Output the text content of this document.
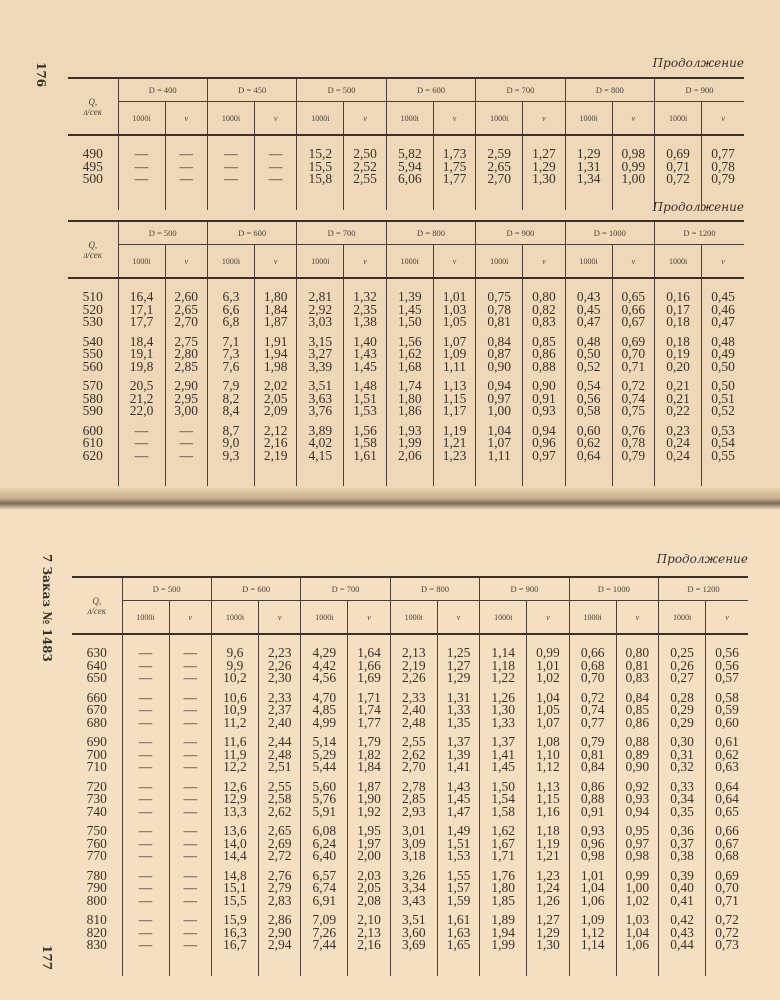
176	Продолжение
Q,
л/сек	D = 400		D = 450		D = 500		D = 600		D = 700		D = 800		D = 900	
	1000i	v	1000i	v	1000i	v	1000i	v	1000i	v	1000i	v	1000i	v
490	—	—	—	—	15,2	2,50	5,82	1,73	2,59	1,27	1,29	0,98	0,69	0,77
495	—	—	—	—	15,5	2,52	5,94	1,75	2,65	1,29	1,31	0,99	0,71	0,78
500	—	—	—	—	15,8	2,55	6,06	1,77	2,70	1,30	1,34	1,00	0,72	0,79

Продолжение
Q,
л/сек	D = 500		D = 600		D = 700		D = 800		D = 900		D = 1000		D = 1200	
	1000i	v	1000i	v	1000i	v	1000i	v	1000i	v	1000i	v	1000i	v
510	16,4	2,60	6,3	1,80	2,81	1,32	1,39	1,01	0,75	0,80	0,43	0,65	0,16	0,45
520	17,1	2,65	6,6	1,84	2,92	2,35	1,45	1,03	0,78	0,82	0,45	0,66	0,17	0,46
530	17,7	2,70	6,8	1,87	3,03	1,38	1,50	1,05	0,81	0,83	0,47	0,67	0,18	0,47

540	18,4	2,75	7,1	1,91	3,15	1,40	1,56	1,07	0,84	0,85	0,48	0,69	0,18	0,48
550	19,1	2,80	7,3	1,94	3,27	1,43	1,62	1,09	0,87	0,86	0,50	0,70	0,19	0,49
560	19,8	2,85	7,6	1,98	3,39	1,45	1,68	1,11	0,90	0,88	0,52	0,71	0,20	0,50

570	20,5	2,90	7,9	2,02	3,51	1,48	1,74	1,13	0,94	0,90	0,54	0,72	0,21	0,50
580	21,2	2,95	8,2	2,05	3,63	1,51	1,80	1,15	0,97	0,91	0,56	0,74	0,21	0,51
590	22,0	3,00	8,4	2,09	3,76	1,53	1,86	1,17	1,00	0,93	0,58	0,75	0,22	0,52

600	—	—	8,7	2,12	3,89	1,56	1,93	1,19	1,04	0,94	0,60	0,76	0,23	0,53
610	—	—	9,0	2,16	4,02	1,58	1,99	1,21	1,07	0,96	0,62	0,78	0,24	0,54
620	—	—	9,3	2,19	4,15	1,61	2,06	1,23	1,11	0,97	0,64	0,79	0,24	0,55

7 Заказ № 1483
177
Продолжение
Q,
л/сек	D = 500		D = 600		D = 700		D = 800		D = 900		D = 1000		D = 1200	
	1000i	v	1000i	v	1000i	v	1000i	v	1000i	v	1000i	v	1000i	v
630	—	—	9,6	2,23	4,29	1,64	2,13	1,25	1,14	0,99	0,66	0,80	0,25	0,56
640	—	—	9,9	2,26	4,42	1,66	2,19	1,27	1,18	1,01	0,68	0,81	0,26	0,56
650	—	—	10,2	2,30	4,56	1,69	2,26	1,29	1,22	1,02	0,70	0,83	0,27	0,57

660	—	—	10,6	2,33	4,70	1,71	2,33	1,31	1,26	1,04	0,72	0,84	0,28	0,58
670	—	—	10,9	2,37	4,85	1,74	2,40	1,33	1,30	1,05	0,74	0,85	0,29	0,59
680	—	—	11,2	2,40	4,99	1,77	2,48	1,35	1,33	1,07	0,77	0,86	0,29	0,60

690	—	—	11,6	2,44	5,14	1,79	2,55	1,37	1,37	1,08	0,79	0,88	0,30	0,61
700	—	—	11,9	2,48	5,29	1,82	2,62	1,39	1,41	1,10	0,81	0,89	0,31	0,62
710	—	—	12,2	2,51	5,44	1,84	2,70	1,41	1,45	1,12	0,84	0,90	0,32	0,63

720	—	—	12,6	2,55	5,60	1,87	2,78	1,43	1,50	1,13	0,86	0,92	0,33	0,64
730	—	—	12,9	2,58	5,76	1,90	2,85	1,45	1,54	1,15	0,88	0,93	0,34	0,64
740	—	—	13,3	2,62	5,91	1,92	2,93	1,47	1,58	1,16	0,91	0,94	0,35	0,65

750	—	—	13,6	2,65	6,08	1,95	3,01	1,49	1,62	1,18	0,93	0,95	0,36	0,66
760	—	—	14,0	2,69	6,24	1,97	3,09	1,51	1,67	1,19	0,96	0,97	0,37	0,67
770	—	—	14,4	2,72	6,40	2,00	3,18	1,53	1,71	1,21	0,98	0,98	0,38	0,68

780	—	—	14,8	2,76	6,57	2,03	3,26	1,55	1,76	1,23	1,01	0,99	0,39	0,69
790	—	—	15,1	2,79	6,74	2,05	3,34	1,57	1,80	1,24	1,04	1,00	0,40	0,70
800	—	—	15,5	2,83	6,91	2,08	3,43	1,59	1,85	1,26	1,06	1,02	0,41	0,71

810	—	—	15,9	2,86	7,09	2,10	3,51	1,61	1,89	1,27	1,09	1,03	0,42	0,72
820	—	—	16,3	2,90	7,26	2,13	3,60	1,63	1,94	1,29	1,12	1,04	0,43	0,72
830	—	—	16,7	2,94	7,44	2,16	3,69	1,65	1,99	1,30	1,14	1,06	0,44	0,73
